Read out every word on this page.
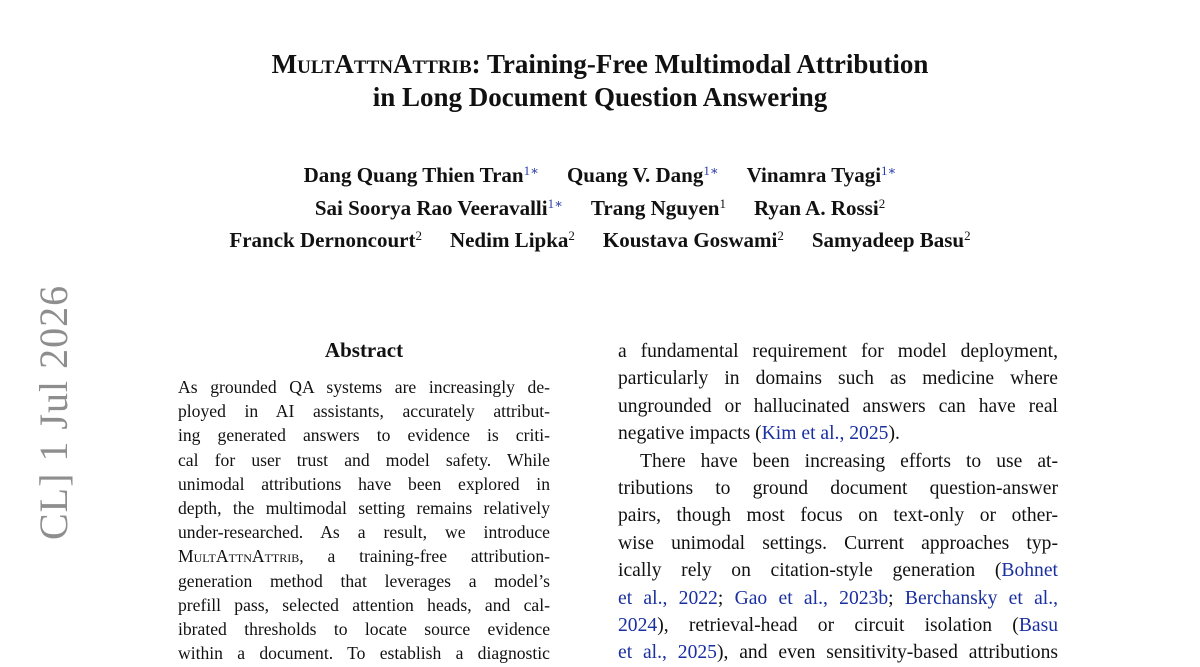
MultAttnAttrib: Training-Free Multimodal Attribution
in Long Document Question Answering
Dang Quang Thien Tran$^{1∗}$ Quang V. Dang$^{1∗}$ Vinamra Tyagi$^{1∗}$
Sai Soorya Rao Veeravalli$^{1∗}$ Trang Nguyen$^1$ Ryan A. Rossi$^2$
Franck Dernoncourt$^2$ Nedim Lipka$^2$ Koustava Goswami$^2$ Samyadeep Basu$^2$
Abstract
As grounded QA systems are increasingly de-
ployed in AI assistants, accurately attribut-
ing generated answers to evidence is criti-
cal for user trust and model safety. While
unimodal attributions have been explored in
depth, the multimodal setting remains relatively
under-researched. As a result, we introduce
MultAttnAttrib, a training-free attribution-
generation method that leverages a model’s
prefill pass, selected attention heads, and cal-
ibrated thresholds to locate source evidence
within a document. To establish a diagnostic
a fundamental requirement for model deployment,
particularly in domains such as medicine where
ungrounded or hallucinated answers can have real
negative impacts (Kim et al., 2025).
There have been increasing efforts to use at-
tributions to ground document question-answer
pairs, though most focus on text-only or other-
wise unimodal settings. Current approaches typ-
ically rely on citation-style generation (Bohnet
et al., 2022; Gao et al., 2023b; Berchansky et al.,
2024), retrieval-head or circuit isolation (Basu
et al., 2025), and even sensitivity-based attributions
CL] 1 Jul 2026
